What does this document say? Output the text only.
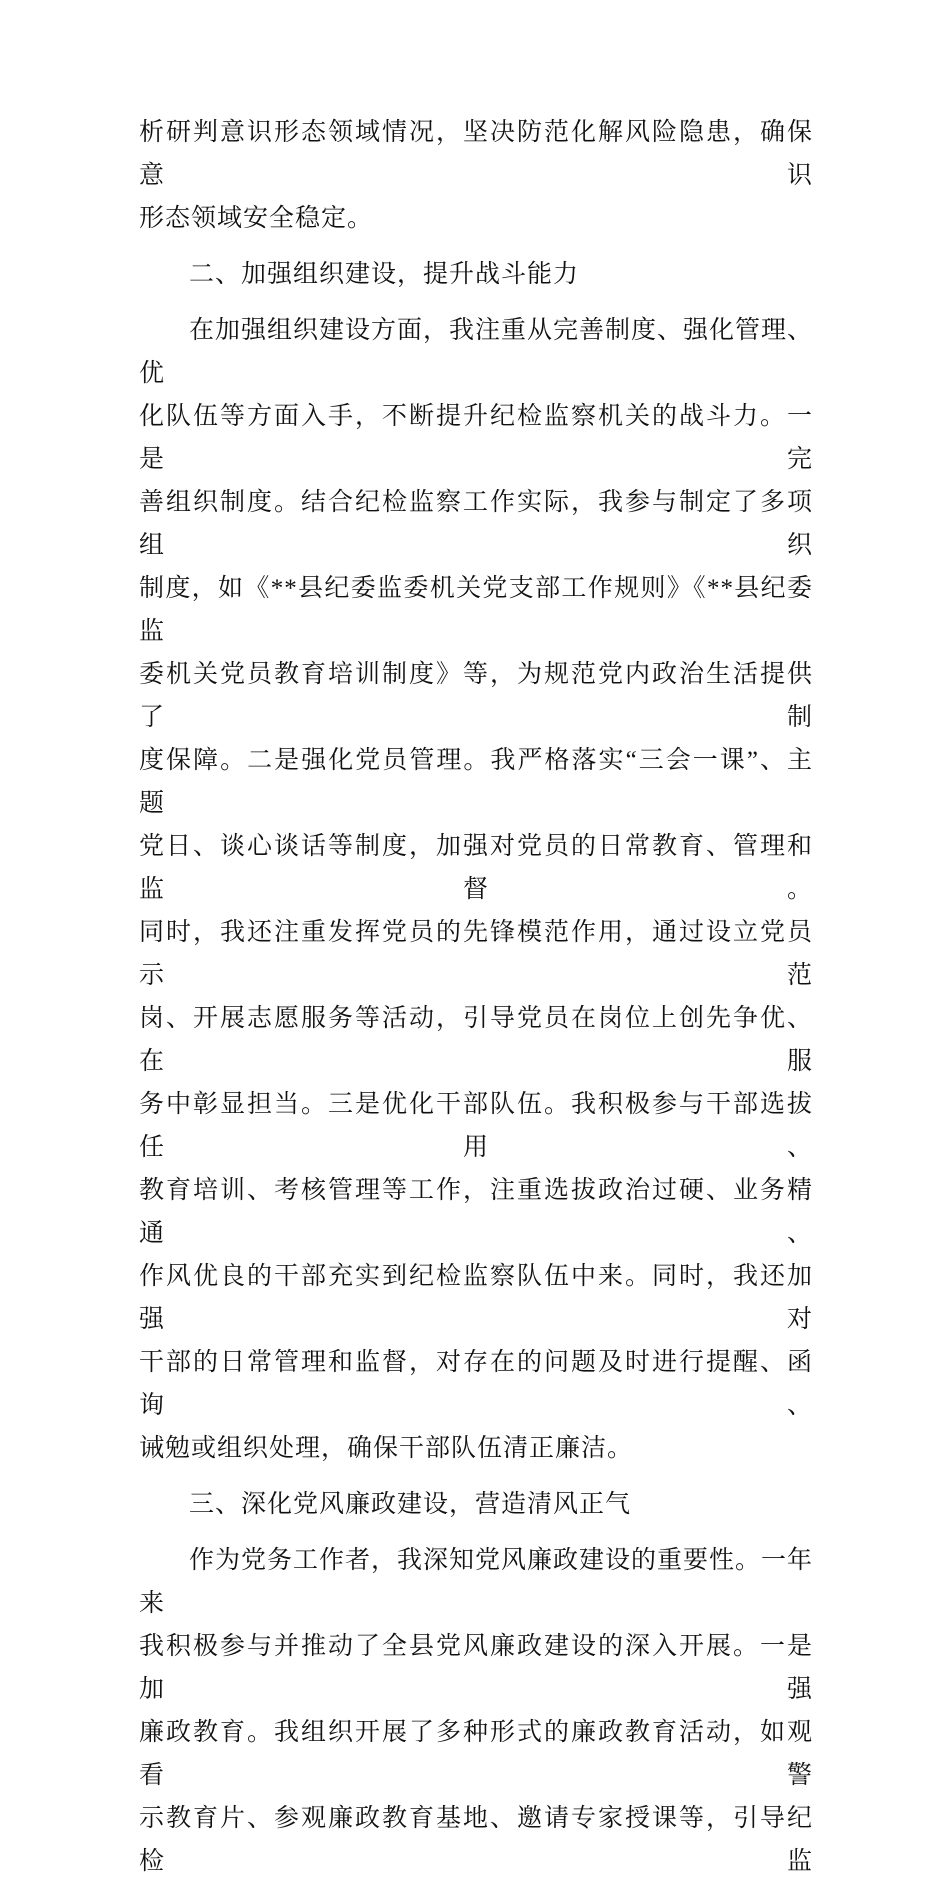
析研判意识形态领域情况，坚决防范化解风险隐患，确保意识
形态领域安全稳定。
二、加强组织建设，提升战斗能力
在加强组织建设方面，我注重从完善制度、强化管理、优
化队伍等方面入手，不断提升纪检监察机关的战斗力。一是完
善组织制度。结合纪检监察工作实际，我参与制定了多项组织
制度，如《**县纪委监委机关党支部工作规则》《**县纪委监
委机关党员教育培训制度》等，为规范党内政治生活提供了制
度保障。二是强化党员管理。我严格落实“三会一课”、主题
党日、谈心谈话等制度，加强对党员的日常教育、管理和监督。
同时，我还注重发挥党员的先锋模范作用，通过设立党员示范
岗、开展志愿服务等活动，引导党员在岗位上创先争优、在服
务中彰显担当。三是优化干部队伍。我积极参与干部选拔任用、
教育培训、考核管理等工作，注重选拔政治过硬、业务精通、
作风优良的干部充实到纪检监察队伍中来。同时，我还加强对
干部的日常管理和监督，对存在的问题及时进行提醒、函询、
诫勉或组织处理，确保干部队伍清正廉洁。
三、深化党风廉政建设，营造清风正气
作为党务工作者，我深知党风廉政建设的重要性。一年来
我积极参与并推动了全县党风廉政建设的深入开展。一是加强
廉政教育。我组织开展了多种形式的廉政教育活动，如观看警
示教育片、参观廉政教育基地、邀请专家授课等，引导纪检监
